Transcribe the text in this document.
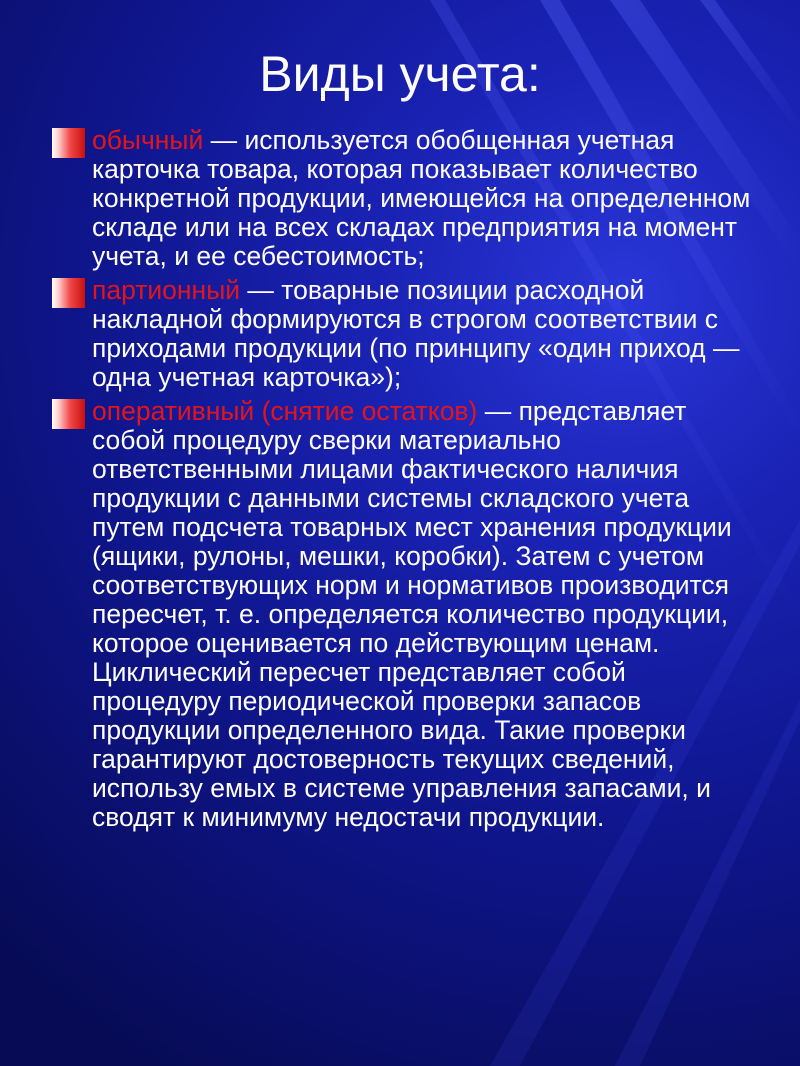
Виды учета:
обычный — используется обобщенная учетная карточка товара, которая показывает количество конкретной продукции, имеющейся на определенном складе или на всех складах предприятия на момент учета, и ее себестоимость;
партионный — товарные позиции расходной накладной формируются в строгом соответствии с приходами продукции (по принципу «один приход — одна учетная карточка»);
оперативный (снятие остатков) — представляет собой процедуру сверки материально ответственными лицами фактического наличия продукции с данными системы складского учета путем подсчета товарных мест хранения продукции (ящики, рулоны, мешки, коробки). Затем с учетом соответствующих норм и нормативов производится пересчет, т. е. определяется количество продукции, которое оценивается по действующим ценам. Циклический пересчет представляет собой процедуру периодической проверки запасов продукции определенного вида. Такие проверки гарантируют достоверность текущих сведений, использу емых в системе управления запасами, и сводят к минимуму недостачи продукции.
